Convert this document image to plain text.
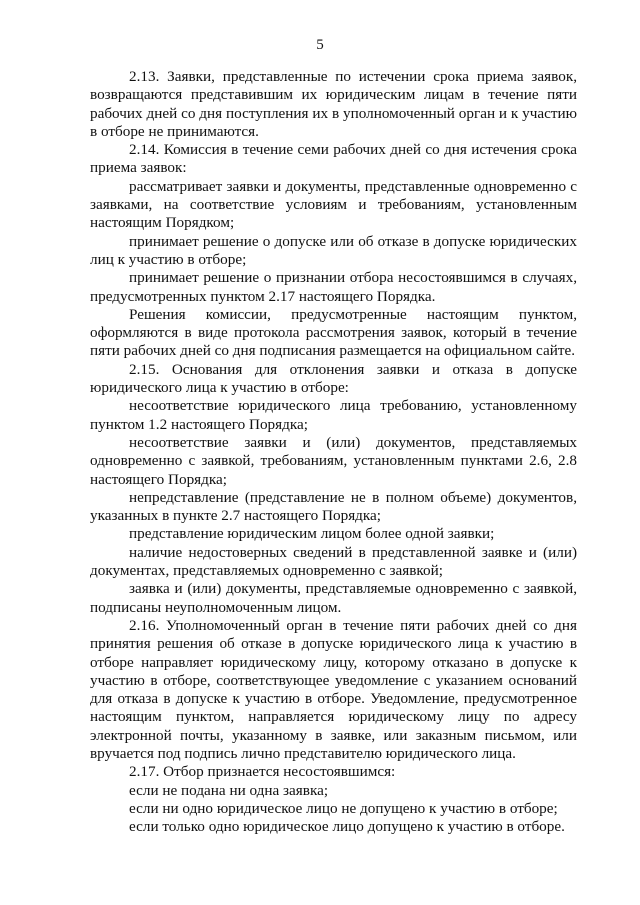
5

2.13. Заявки, представленные по истечении срока приема заявок, возвращаются представившим их юридическим лицам в течение пяти рабочих дней со дня поступления их в уполномоченный орган и к участию в отборе не принимаются.

2.14. Комиссия в течение семи рабочих дней со дня истечения срока приема заявок:

рассматривает заявки и документы, представленные одновременно с заявками, на соответствие условиям и требованиям, установленным настоящим Порядком;

принимает решение о допуске или об отказе в допуске юридических лиц к участию в отборе;

принимает решение о признании отбора несостоявшимся в случаях, предусмотренных пунктом 2.17 настоящего Порядка.

Решения комиссии, предусмотренные настоящим пунктом, оформляются в виде протокола рассмотрения заявок, который в течение пяти рабочих дней со дня подписания размещается на официальном сайте.

2.15. Основания для отклонения заявки и отказа в допуске юридического лица к участию в отборе:

несоответствие юридического лица требованию, установленному пунктом 1.2 настоящего Порядка;

несоответствие заявки и (или) документов, представляемых одновременно с заявкой, требованиям, установленным пунктами 2.6, 2.8 настоящего Порядка;

непредставление (представление не в полном объеме) документов, указанных в пункте 2.7 настоящего Порядка;

представление юридическим лицом более одной заявки;

наличие недостоверных сведений в представленной заявке и (или) документах, представляемых одновременно с заявкой;

заявка и (или) документы, представляемые одновременно с заявкой, подписаны неуполномоченным лицом.

2.16. Уполномоченный орган в течение пяти рабочих дней со дня принятия решения об отказе в допуске юридического лица к участию в отборе направляет юридическому лицу, которому отказано в допуске к участию в отборе, соответствующее уведомление с указанием оснований для отказа в допуске к участию в отборе. Уведомление, предусмотренное настоящим пунктом, направляется юридическому лицу по адресу электронной почты, указанному в заявке, или заказным письмом, или вручается под подпись лично представителю юридического лица.

2.17. Отбор признается несостоявшимся:

если не подана ни одна заявка;

если ни одно юридическое лицо не допущено к участию в отборе;

если только одно юридическое лицо допущено к участию в отборе.
